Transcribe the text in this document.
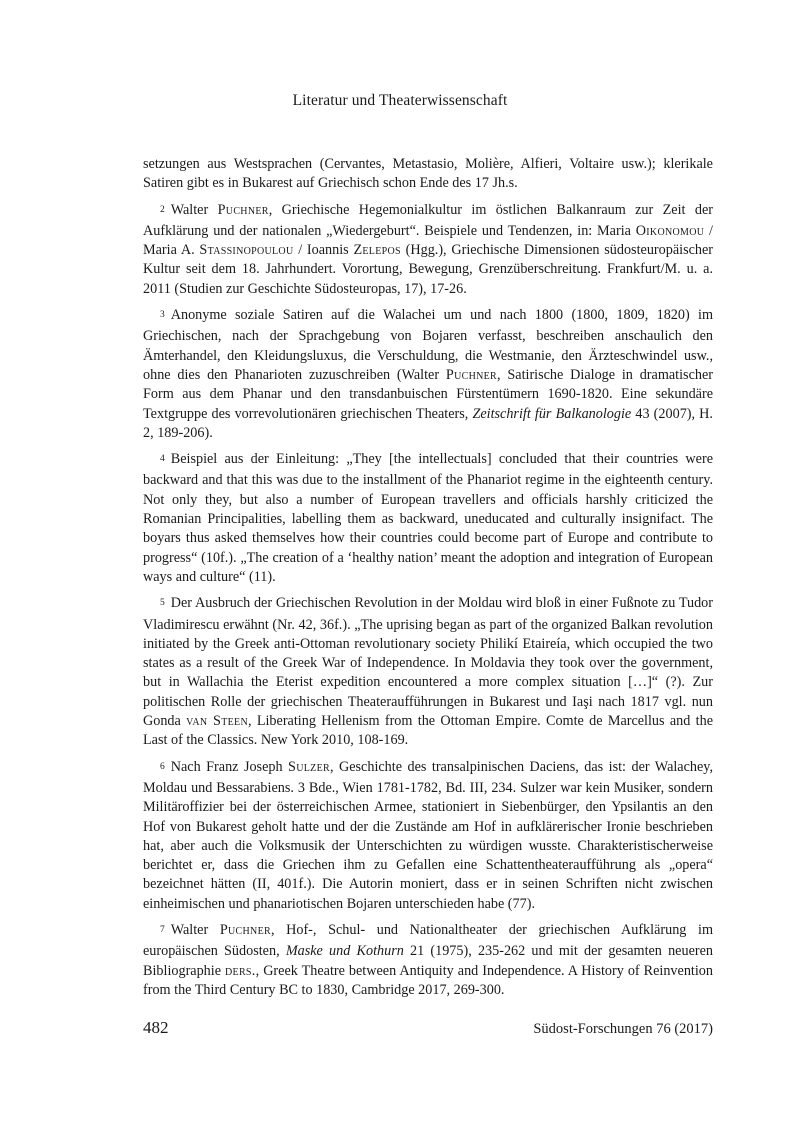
Literatur und Theaterwissenschaft

setzungen aus Westsprachen (Cervantes, Metastasio, Molière, Alfieri, Voltaire usw.); klerikale Satiren gibt es in Bukarest auf Griechisch schon Ende des 17 Jh.s.

2 Walter Puchner, Griechische Hegemonialkultur im östlichen Balkanraum zur Zeit der Aufklärung und der nationalen „Wiedergeburt“. Beispiele und Tendenzen, in: Maria Oikonomou / Maria A. Stassinopoulou / Ioannis Zelepos (Hgg.), Griechische Dimensionen südosteuropäischer Kultur seit dem 18. Jahrhundert. Vorortung, Bewegung, Grenzüberschreitung. Frankfurt/M. u. a. 2011 (Studien zur Geschichte Südosteuropas, 17), 17-26.

3 Anonyme soziale Satiren auf die Walachei um und nach 1800 (1800, 1809, 1820) im Griechischen, nach der Sprachgebung von Bojaren verfasst, beschreiben anschaulich den Ämterhandel, den Kleidungsluxus, die Verschuldung, die Westmanie, den Ärzteschwindel usw., ohne dies den Phanarioten zuzuschreiben (Walter Puchner, Satirische Dialoge in dramatischer Form aus dem Phanar und den transdanbuischen Fürstentümern 1690-1820. Eine sekundäre Textgruppe des vorrevolutionären griechischen Theaters, Zeitschrift für Balkanologie 43 (2007), H. 2, 189-206).

4 Beispiel aus der Einleitung: „They [the intellectuals] concluded that their countries were backward and that this was due to the installment of the Phanariot regime in the eighteenth century. Not only they, but also a number of European travellers and officials harshly criticized the Romanian Principalities, labelling them as backward, uneducated and culturally insignifact. The boyars thus asked themselves how their countries could become part of Europe and contribute to progress“ (10f.). „The creation of a ‘healthy nation’ meant the adoption and integration of European ways and culture“ (11).

5 Der Ausbruch der Griechischen Revolution in der Moldau wird bloß in einer Fußnote zu Tudor Vladimirescu erwähnt (Nr. 42, 36f.). „The uprising began as part of the organized Balkan revolution initiated by the Greek anti-Ottoman revolutionary society Philikí Etaireía, which occupied the two states as a result of the Greek War of Independence. In Moldavia they took over the government, but in Wallachia the Eterist expedition encountered a more complex situation […]“ (?). Zur politischen Rolle der griechischen Theateraufführungen in Bukarest und Iaşi nach 1817 vgl. nun Gonda van Steen, Liberating Hellenism from the Ottoman Empire. Comte de Marcellus and the Last of the Classics. New York 2010, 108-169.

6 Nach Franz Joseph Sulzer, Geschichte des transalpinischen Daciens, das ist: der Walachey, Moldau und Bessarabiens. 3 Bde., Wien 1781-1782, Bd. III, 234. Sulzer war kein Musiker, sondern Militäroffizier bei der österreichischen Armee, stationiert in Siebenbürger, den Ypsilantis an den Hof von Bukarest geholt hatte und der die Zustände am Hof in aufklärerischer Ironie beschrieben hat, aber auch die Volksmusik der Unterschichten zu würdigen wusste. Charakteristischerweise berichtet er, dass die Griechen ihm zu Gefallen eine Schattentheateraufführung als „opera“ bezeichnet hätten (II, 401f.). Die Autorin moniert, dass er in seinen Schriften nicht zwischen einheimischen und phanariotischen Bojaren unterschieden habe (77).

7 Walter Puchner, Hof-, Schul- und Nationaltheater der griechischen Aufklärung im europäischen Südosten, Maske und Kothurn 21 (1975), 235-262 und mit der gesamten neueren Bibliographie ders., Greek Theatre between Antiquity and Independence. A History of Reinvention from the Third Century BC to 1830, Cambridge 2017, 269-300.

482	Südost-Forschungen 76 (2017)
